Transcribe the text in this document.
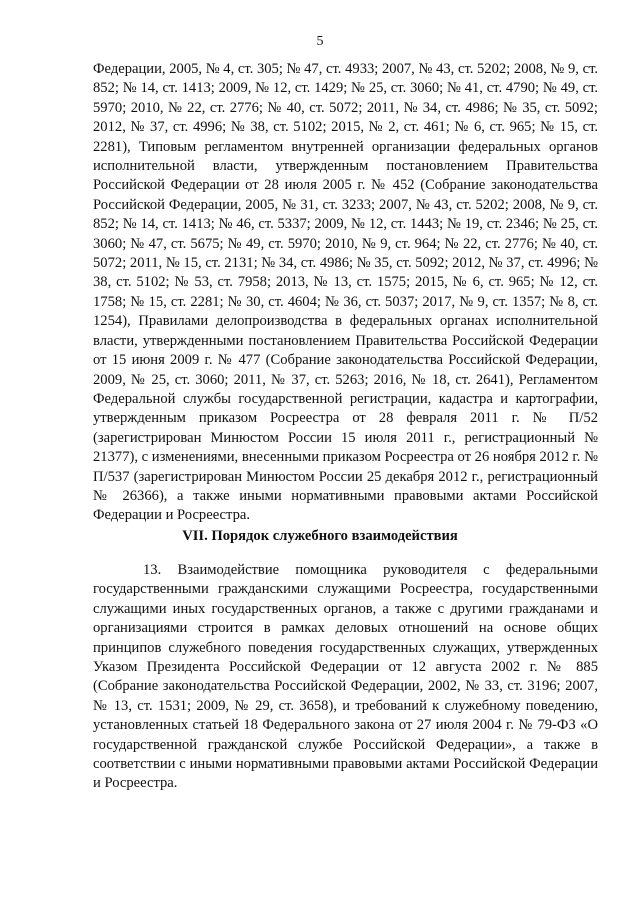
5

Федерации, 2005, № 4, ст. 305; № 47, ст. 4933; 2007, № 43, ст. 5202; 2008, № 9, ст. 852; № 14, ст. 1413; 2009, № 12, ст. 1429; № 25, ст. 3060; № 41, ст. 4790; № 49, ст. 5970; 2010, № 22, ст. 2776; № 40, ст. 5072; 2011, № 34, ст. 4986; № 35, ст. 5092; 2012, № 37, ст. 4996; № 38, ст. 5102; 2015, № 2, ст. 461; № 6, ст. 965; № 15, ст. 2281), Типовым регламентом внутренней организации федеральных органов исполнительной власти, утвержденным постановлением Правительства Российской Федерации от 28 июля 2005 г. № 452 (Собрание законодательства Российской Федерации, 2005, № 31, ст. 3233; 2007, № 43, ст. 5202; 2008, № 9, ст. 852; № 14, ст. 1413; № 46, ст. 5337; 2009, № 12, ст. 1443; № 19, ст. 2346; № 25, ст. 3060; № 47, ст. 5675; № 49, ст. 5970; 2010, № 9, ст. 964; № 22, ст. 2776; № 40, ст. 5072; 2011, № 15, ст. 2131; № 34, ст. 4986; № 35, ст. 5092; 2012, № 37, ст. 4996; № 38, ст. 5102; № 53, ст. 7958; 2013, № 13, ст. 1575; 2015, № 6, ст. 965; № 12, ст. 1758; № 15, ст. 2281; № 30, ст. 4604; № 36, ст. 5037; 2017, № 9, ст. 1357; № 8, ст. 1254), Правилами делопроизводства в федеральных органах исполнительной власти, утвержденными постановлением Правительства Российской Федерации от 15 июня 2009 г. № 477 (Собрание законодательства Российской Федерации, 2009, № 25, ст. 3060; 2011, № 37, ст. 5263; 2016, № 18, ст. 2641), Регламентом Федеральной службы государственной регистрации, кадастра и картографии, утвержденным приказом Росреестра от 28 февраля 2011 г. № П/52 (зарегистрирован Минюстом России 15 июля 2011 г., регистрационный № 21377), с изменениями, внесенными приказом Росреестра от 26 ноября 2012 г. № П/537 (зарегистрирован Минюстом России 25 декабря 2012 г., регистрационный № 26366), а также иными нормативными правовыми актами Российской Федерации и Росреестра.

VII. Порядок служебного взаимодействия

13. Взаимодействие помощника руководителя с федеральными государственными гражданскими служащими Росреестра, государственными служащими иных государственных органов, а также с другими гражданами и организациями строится в рамках деловых отношений на основе общих принципов служебного поведения государственных служащих, утвержденных Указом Президента Российской Федерации от 12 августа 2002 г. № 885 (Собрание законодательства Российской Федерации, 2002, № 33, ст. 3196; 2007, № 13, ст. 1531; 2009, № 29, ст. 3658), и требований к служебному поведению, установленных статьей 18 Федерального закона от 27 июля 2004 г. № 79-ФЗ «О государственной гражданской службе Российской Федерации», а также в соответствии с иными нормативными правовыми актами Российской Федерации и Росреестра.
